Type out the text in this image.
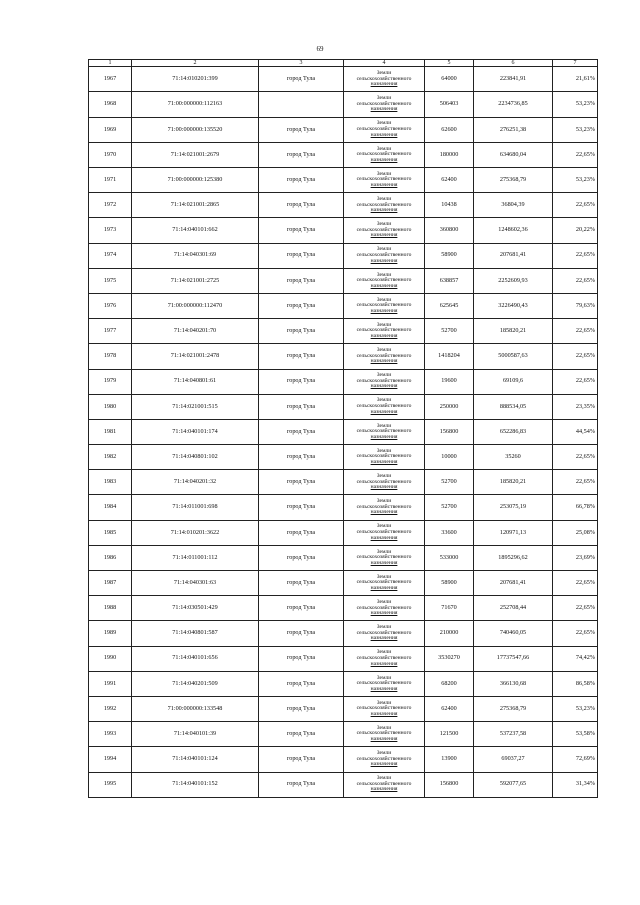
69
1	2	3	4	5	6	7
1967	71:14:010201:399	город Тула	Земли
сельскохозяйственного
назначения	64000	223841,91	21,61%
1968	71:00:000000:112163		Земли
сельскохозяйственного
назначения	506403	2234736,85	53,23%
1969	71:00:000000:135520	город Тула	Земли
сельскохозяйственного
назначения	62600	276251,38	53,23%
1970	71:14:021001:2679	город Тула	Земли
сельскохозяйственного
назначения	180000	634680,04	22,65%
1971	71:00:000000:125380	город Тула	Земли
сельскохозяйственного
назначения	62400	275368,79	53,23%
1972	71:14:021001:2865	город Тула	Земли
сельскохозяйственного
назначения	10438	36804,39	22,65%
1973	71:14:040101:662	город Тула	Земли
сельскохозяйственного
назначения	360800	1248602,36	20,22%
1974	71:14:040301:69	город Тула	Земли
сельскохозяйственного
назначения	58900	207681,41	22,65%
1975	71:14:021001:2725	город Тула	Земли
сельскохозяйственного
назначения	638857	2252609,93	22,65%
1976	71:00:000000:112470	город Тула	Земли
сельскохозяйственного
назначения	625645	3226490,43	79,63%
1977	71:14:040201:70	город Тула	Земли
сельскохозяйственного
назначения	52700	185820,21	22,65%
1978	71:14:021001:2478	город Тула	Земли
сельскохозяйственного
назначения	1418204	5000587,63	22,65%
1979	71:14:040801:61	город Тула	Земли
сельскохозяйственного
назначения	19600	69109,6	22,65%
1980	71:14:021001:515	город Тула	Земли
сельскохозяйственного
назначения	250000	888534,05	23,35%
1981	71:14:040101:174	город Тула	Земли
сельскохозяйственного
назначения	156800	652286,83	44,54%
1982	71:14:040801:102	город Тула	Земли
сельскохозяйственного
назначения	10000	35260	22,65%
1983	71:14:040201:32	город Тула	Земли
сельскохозяйственного
назначения	52700	185820,21	22,65%
1984	71:14:011001:698	город Тула	Земли
сельскохозяйственного
назначения	52700	253075,19	66,78%
1985	71:14:010201:3622	город Тула	Земли
сельскохозяйственного
назначения	33600	120971,13	25,08%
1986	71:14:011001:112	город Тула	Земли
сельскохозяйственного
назначения	533000	1895296,62	23,69%
1987	71:14:040301:63	город Тула	Земли
сельскохозяйственного
назначения	58900	207681,41	22,65%
1988	71:14:030501:429	город Тула	Земли
сельскохозяйственного
назначения	71670	252708,44	22,65%
1989	71:14:040801:587	город Тула	Земли
сельскохозяйственного
назначения	210000	740460,05	22,65%
1990	71:14:040101:656	город Тула	Земли
сельскохозяйственного
назначения	3530270	17737547,66	74,42%
1991	71:14:040201:509	город Тула	Земли
сельскохозяйственного
назначения	68200	366130,68	86,58%
1992	71:00:000000:133548	город Тула	Земли
сельскохозяйственного
назначения	62400	275368,79	53,23%
1993	71:14:040101:39	город Тула	Земли
сельскохозяйственного
назначения	121500	537237,58	53,58%
1994	71:14:040101:124	город Тула	Земли
сельскохозяйственного
назначения	13900	69037,27	72,69%
1995	71:14:040101:152	город Тула	Земли
сельскохозяйственного
назначения	156800	592077,65	31,34%
